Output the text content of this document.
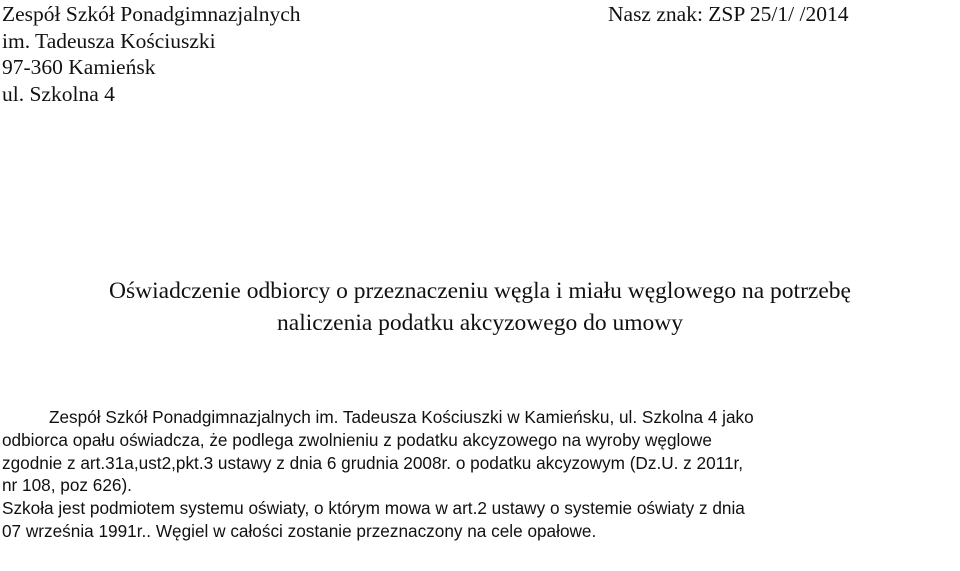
Zespół Szkół Ponadgimnazjalnych
im. Tadeusza Kościuszki
97-360 Kamieńsk
ul. Szkolna 4
Nasz znak: ZSP 25/1/ /2014
Oświadczenie odbiorcy o przeznaczeniu węgla i miału węglowego na potrzebę
naliczenia podatku akcyzowego do umowy
Zespół Szkół Ponadgimnazjalnych im. Tadeusza Kościuszki w Kamieńsku, ul. Szkolna 4 jako
odbiorca opału oświadcza, że podlega zwolnieniu z podatku akcyzowego na wyroby węglowe
zgodnie z art.31a,ust2,pkt.3 ustawy z dnia 6 grudnia 2008r. o podatku akcyzowym (Dz.U. z 2011r,
nr 108, poz 626).
Szkoła jest podmiotem systemu oświaty, o którym mowa w art.2 ustawy o systemie oświaty z dnia
07 września 1991r.. Węgiel w całości zostanie przeznaczony na cele opałowe.
